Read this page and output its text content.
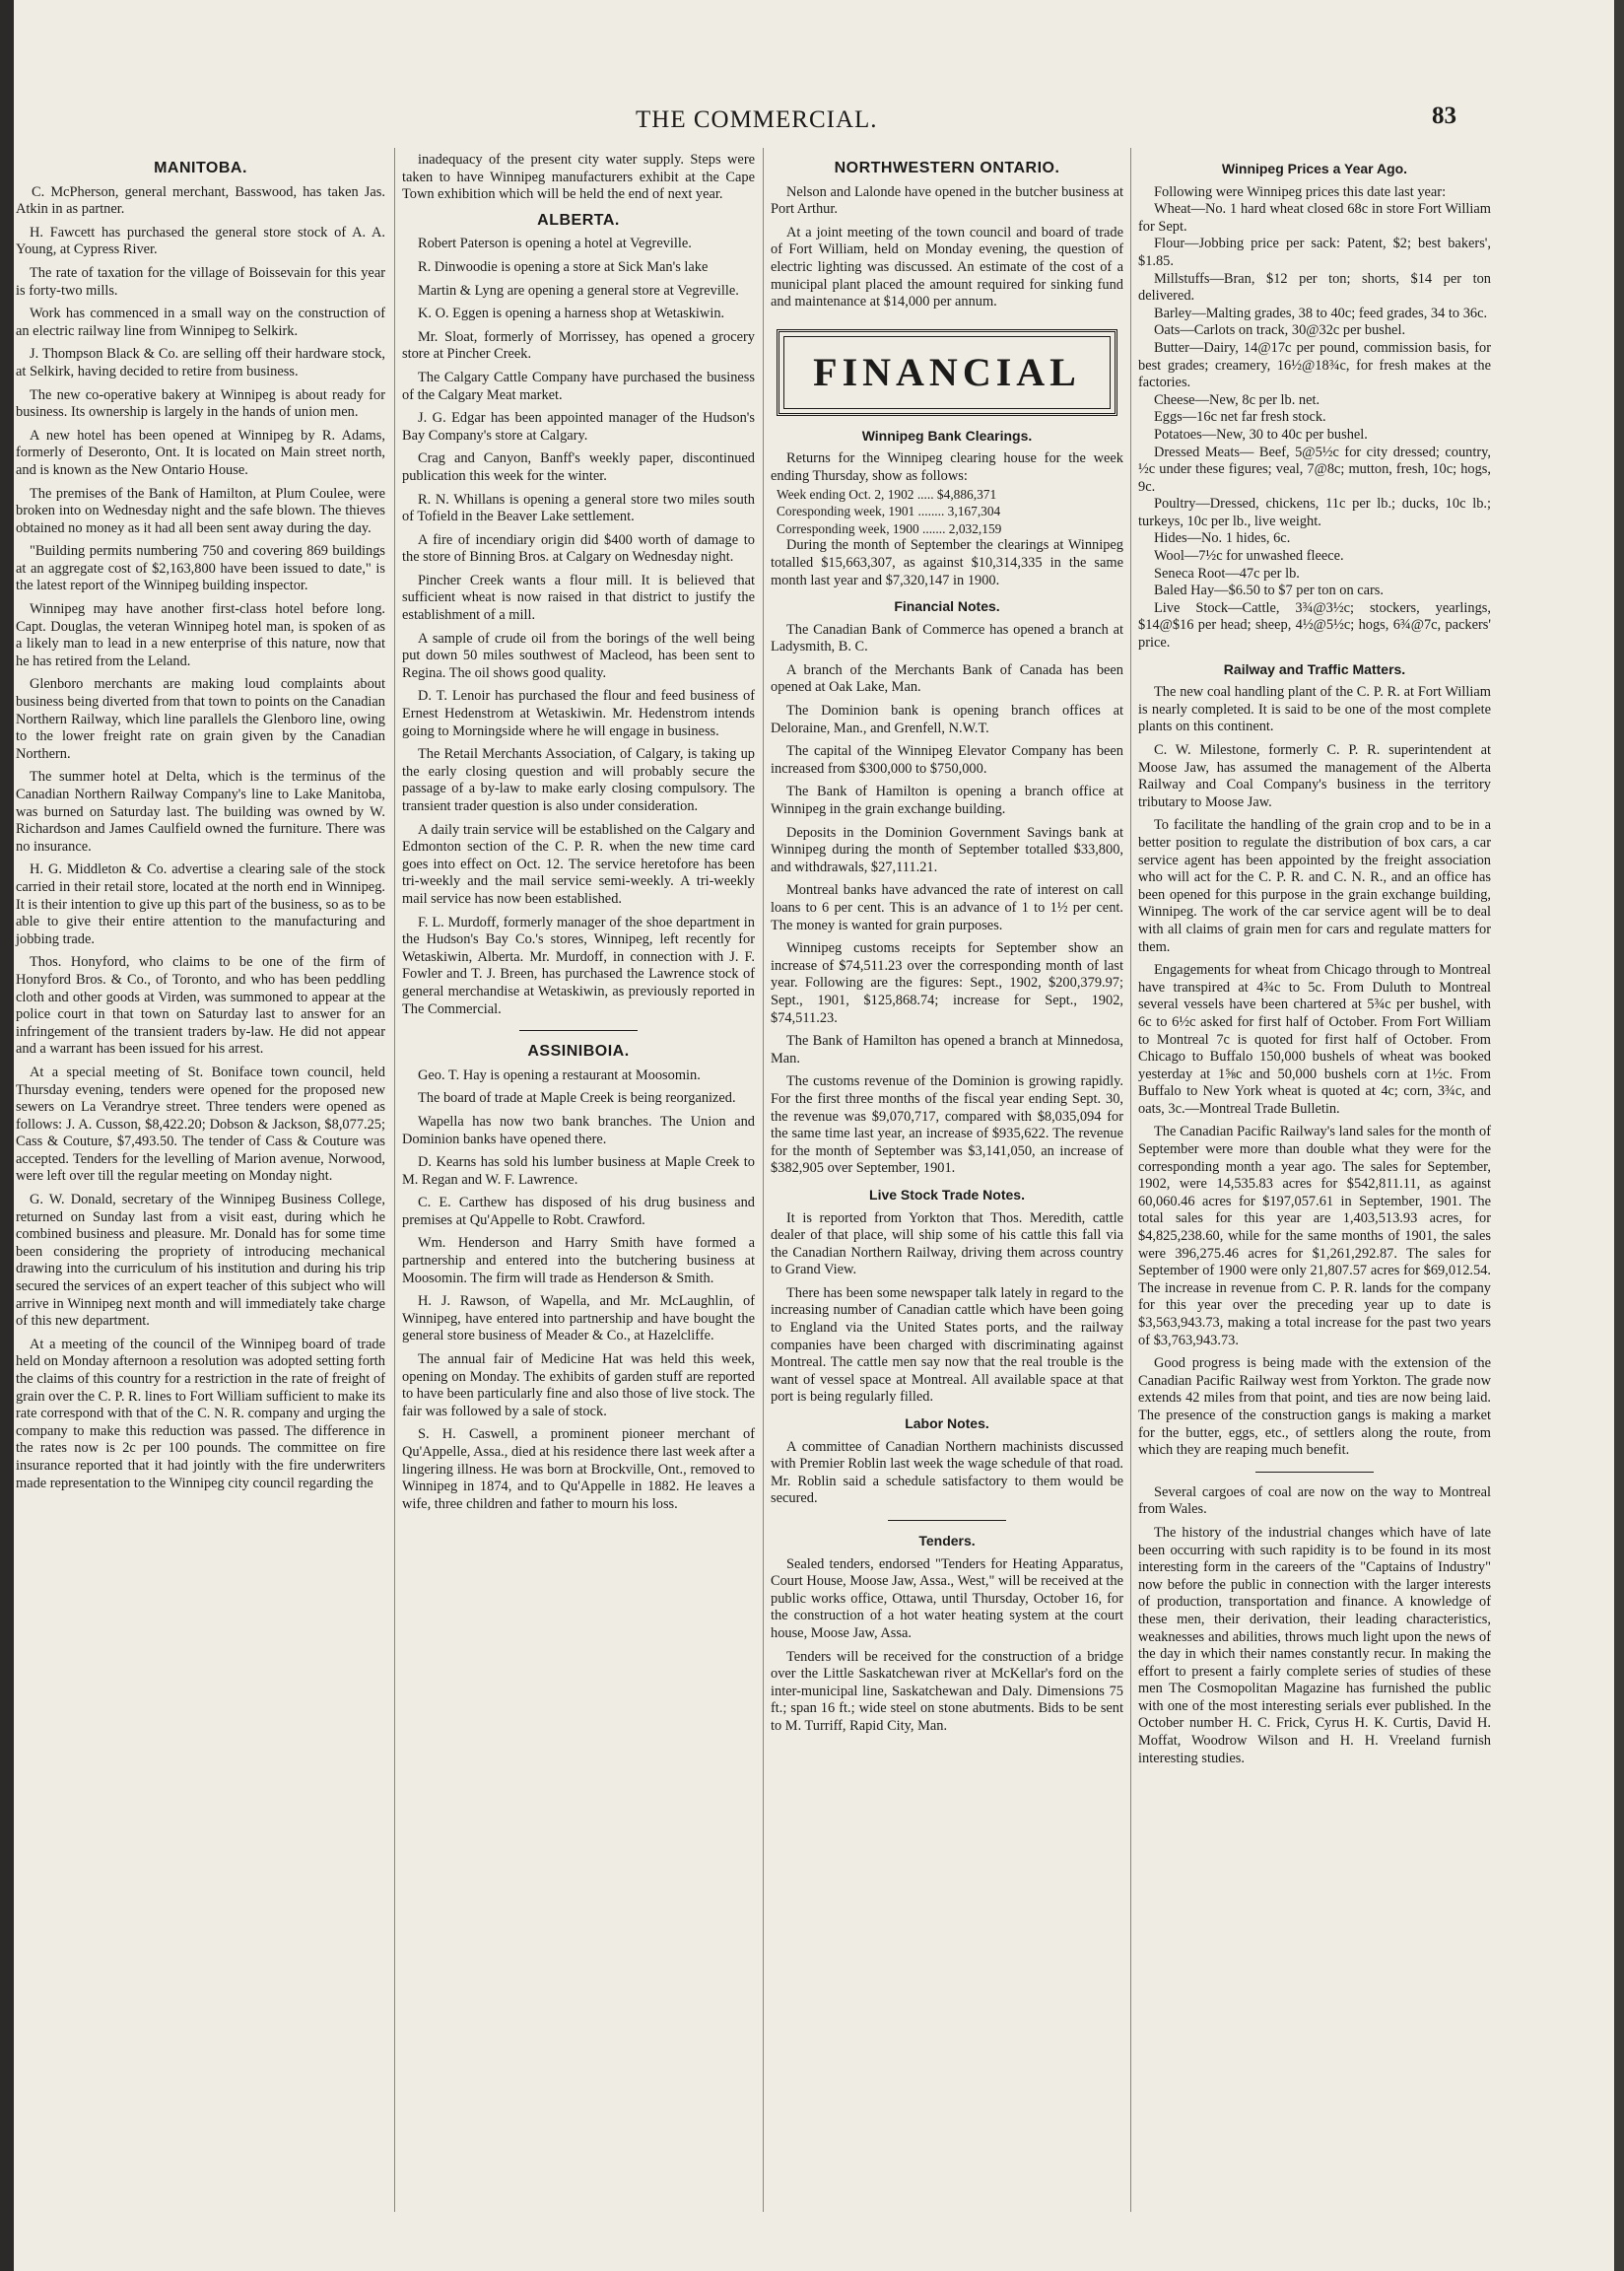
THE COMMERCIAL.	83
MANITOBA.

C. McPherson, general merchant, Basswood, has taken Jas. Atkin in as partner.

H. Fawcett has purchased the general store stock of A. A. Young, at Cypress River.

The rate of taxation for the village of Boissevain for this year is forty-two mills.

Work has commenced in a small way on the construction of an electric railway line from Winnipeg to Selkirk.

J. Thompson Black & Co. are selling off their hardware stock, at Selkirk, having decided to retire from business.

The new co-operative bakery at Winnipeg is about ready for business. Its ownership is largely in the hands of union men.

A new hotel has been opened at Winnipeg by R. Adams, formerly of Deseronto, Ont. It is located on Main street north, and is known as the New Ontario House.

The premises of the Bank of Hamilton, at Plum Coulee, were broken into on Wednesday night and the safe blown. The thieves obtained no money as it had all been sent away during the day.

"Building permits numbering 750 and covering 869 buildings at an aggregate cost of $2,163,800 have been issued to date," is the latest report of the Winnipeg building inspector.

Winnipeg may have another first-class hotel before long. Capt. Douglas, the veteran Winnipeg hotel man, is spoken of as a likely man to lead in a new enterprise of this nature, now that he has retired from the Leland.

Glenboro merchants are making loud complaints about business being diverted from that town to points on the Canadian Northern Railway, which line parallels the Glenboro line, owing to the lower freight rate on grain given by the Canadian Northern.

The summer hotel at Delta, which is the terminus of the Canadian Northern Railway Company's line to Lake Manitoba, was burned on Saturday last. The building was owned by W. Richardson and James Caulfield owned the furniture. There was no insurance.

H. G. Middleton & Co. advertise a clearing sale of the stock carried in their retail store, located at the north end in Winnipeg. It is their intention to give up this part of the business, so as to be able to give their entire attention to the manufacturing and jobbing trade.

Thos. Honyford, who claims to be one of the firm of Honyford Bros. & Co., of Toronto, and who has been peddling cloth and other goods at Virden, was summoned to appear at the police court in that town on Saturday last to answer for an infringement of the transient traders by-law. He did not appear and a warrant has been issued for his arrest.

At a special meeting of St. Boniface town council, held Thursday evening, tenders were opened for the proposed new sewers on La Verandrye street. Three tenders were opened as follows: J. A. Cusson, $8,422.20; Dobson & Jackson, $8,077.25; Cass & Couture, $7,493.50. The tender of Cass & Couture was accepted. Tenders for the levelling of Marion avenue, Norwood, were left over till the regular meeting on Monday night.

G. W. Donald, secretary of the Winnipeg Business College, returned on Sunday last from a visit east, during which he combined business and pleasure. Mr. Donald has for some time been considering the propriety of introducing mechanical drawing into the curriculum of his institution and during his trip secured the services of an expert teacher of this subject who will arrive in Winnipeg next month and will immediately take charge of this new department.

At a meeting of the council of the Winnipeg board of trade held on Monday afternoon a resolution was adopted setting forth the claims of this country for a restriction in the rate of freight of grain over the C. P. R. lines to Fort William sufficient to make its rate correspond with that of the C. N. R. company and urging the company to make this reduction was passed. The difference in the rates now is 2c per 100 pounds. The committee on fire insurance reported that it had jointly with the fire underwriters made representation to the Winnipeg city council regarding the

inadequacy of the present city water supply. Steps were taken to have Winnipeg manufacturers exhibit at the Cape Town exhibition which will be held the end of next year.

ALBERTA.

Robert Paterson is opening a hotel at Vegreville.

R. Dinwoodie is opening a store at Sick Man's lake

Martin & Lyng are opening a general store at Vegreville.

K. O. Eggen is opening a harness shop at Wetaskiwin.

Mr. Sloat, formerly of Morrissey, has opened a grocery store at Pincher Creek.

The Calgary Cattle Company have purchased the business of the Calgary Meat market.

J. G. Edgar has been appointed manager of the Hudson's Bay Company's store at Calgary.

Crag and Canyon, Banff's weekly paper, discontinued publication this week for the winter.

R. N. Whillans is opening a general store two miles south of Tofield in the Beaver Lake settlement.

A fire of incendiary origin did $400 worth of damage to the store of Binning Bros. at Calgary on Wednesday night.

Pincher Creek wants a flour mill. It is believed that sufficient wheat is now raised in that district to justify the establishment of a mill.

A sample of crude oil from the borings of the well being put down 50 miles southwest of Macleod, has been sent to Regina. The oil shows good quality.

D. T. Lenoir has purchased the flour and feed business of Ernest Hedenstrom at Wetaskiwin. Mr. Hedenstrom intends going to Morningside where he will engage in business.

The Retail Merchants Association, of Calgary, is taking up the early closing question and will probably secure the passage of a by-law to make early closing compulsory. The transient trader question is also under consideration.

A daily train service will be established on the Calgary and Edmonton section of the C. P. R. when the new time card goes into effect on Oct. 12. The service heretofore has been tri-weekly and the mail service semi-weekly. A tri-weekly mail service has now been established.

F. L. Murdoff, formerly manager of the shoe department in the Hudson's Bay Co.'s stores, Winnipeg, left recently for Wetaskiwin, Alberta. Mr. Murdoff, in connection with J. F. Fowler and T. J. Breen, has purchased the Lawrence stock of general merchandise at Wetaskiwin, as previously reported in The Commercial.

ASSINIBOIA.

Geo. T. Hay is opening a restaurant at Moosomin.

The board of trade at Maple Creek is being reorganized.

Wapella has now two bank branches. The Union and Dominion banks have opened there.

D. Kearns has sold his lumber business at Maple Creek to M. Regan and W. F. Lawrence.

C. E. Carthew has disposed of his drug business and premises at Qu'Appelle to Robt. Crawford.

Wm. Henderson and Harry Smith have formed a partnership and entered into the butchering business at Moosomin. The firm will trade as Henderson & Smith.

H. J. Rawson, of Wapella, and Mr. McLaughlin, of Winnipeg, have entered into partnership and have bought the general store business of Meader & Co., at Hazelcliffe.

The annual fair of Medicine Hat was held this week, opening on Monday. The exhibits of garden stuff are reported to have been particularly fine and also those of live stock. The fair was followed by a sale of stock.

S. H. Caswell, a prominent pioneer merchant of Qu'Appelle, Assa., died at his residence there last week after a lingering illness. He was born at Brockville, Ont., removed to Winnipeg in 1874, and to Qu'Appelle in 1882. He leaves a wife, three children and father to mourn his loss.

NORTHWESTERN ONTARIO.

Nelson and Lalonde have opened in the butcher business at Port Arthur.

At a joint meeting of the town council and board of trade of Fort William, held on Monday evening, the question of electric lighting was discussed. An estimate of the cost of a municipal plant placed the amount required for sinking fund and maintenance at $14,000 per annum.

FINANCIAL
Winnipeg Bank Clearings.

Returns for the Winnipeg clearing house for the week ending Thursday, show as follows:

Week ending Oct. 2, 1902 ..... $4,886,371

Coresponding week, 1901 ........ 3,167,304

Corresponding week, 1900 ....... 2,032,159

During the month of September the clearings at Winnipeg totalled $15,663,307, as against $10,314,335 in the same month last year and $7,320,147 in 1900.

Financial Notes.

The Canadian Bank of Commerce has opened a branch at Ladysmith, B. C.

A branch of the Merchants Bank of Canada has been opened at Oak Lake, Man.

The Dominion bank is opening branch offices at Deloraine, Man., and Grenfell, N.W.T.

The capital of the Winnipeg Elevator Company has been increased from $300,000 to $750,000.

The Bank of Hamilton is opening a branch office at Winnipeg in the grain exchange building.

Deposits in the Dominion Government Savings bank at Winnipeg during the month of September totalled $33,800, and withdrawals, $27,111.21.

Montreal banks have advanced the rate of interest on call loans to 6 per cent. This is an advance of 1 to 1½ per cent. The money is wanted for grain purposes.

Winnipeg customs receipts for September show an increase of $74,511.23 over the corresponding month of last year. Following are the figures: Sept., 1902, $200,379.97; Sept., 1901, $125,868.74; increase for Sept., 1902, $74,511.23.

The Bank of Hamilton has opened a branch at Minnedosa, Man.

The customs revenue of the Dominion is growing rapidly. For the first three months of the fiscal year ending Sept. 30, the revenue was $9,070,717, compared with $8,035,094 for the same time last year, an increase of $935,622. The revenue for the month of September was $3,141,050, an increase of $382,905 over September, 1901.

Live Stock Trade Notes.

It is reported from Yorkton that Thos. Meredith, cattle dealer of that place, will ship some of his cattle this fall via the Canadian Northern Railway, driving them across country to Grand View.

There has been some newspaper talk lately in regard to the increasing number of Canadian cattle which have been going to England via the United States ports, and the railway companies have been charged with discriminating against Montreal. The cattle men say now that the real trouble is the want of vessel space at Montreal. All available space at that port is being regularly filled.

Labor Notes.

A committee of Canadian Northern machinists discussed with Premier Roblin last week the wage schedule of that road. Mr. Roblin said a schedule satisfactory to them would be secured.

Tenders.

Sealed tenders, endorsed "Tenders for Heating Apparatus, Court House, Moose Jaw, Assa., West," will be received at the public works office, Ottawa, until Thursday, October 16, for the construction of a hot water heating system at the court house, Moose Jaw, Assa.

Tenders will be received for the construction of a bridge over the Little Saskatchewan river at McKellar's ford on the inter-municipal line, Saskatchewan and Daly. Dimensions 75 ft.; span 16 ft.; wide steel on stone abutments. Bids to be sent to M. Turriff, Rapid City, Man.

Winnipeg Prices a Year Ago.

Following were Winnipeg prices this date last year:

Wheat—No. 1 hard wheat closed 68c in store Fort William for Sept.

Flour—Jobbing price per sack: Patent, $2; best bakers', $1.85.

Millstuffs—Bran, $12 per ton; shorts, $14 per ton delivered.

Barley—Malting grades, 38 to 40c; feed grades, 34 to 36c.

Oats—Carlots on track, 30@32c per bushel.

Butter—Dairy, 14@17c per pound, commission basis, for best grades; creamery, 16½@18¾c, for fresh makes at the factories.

Cheese—New, 8c per lb. net.

Eggs—16c net far fresh stock.

Potatoes—New, 30 to 40c per bushel.

Dressed Meats— Beef, 5@5½c for city dressed; country, ½c under these figures; veal, 7@8c; mutton, fresh, 10c; hogs, 9c.

Poultry—Dressed, chickens, 11c per lb.; ducks, 10c lb.; turkeys, 10c per lb., live weight.

Hides—No. 1 hides, 6c.

Wool—7½c for unwashed fleece.

Seneca Root—47c per lb.

Baled Hay—$6.50 to $7 per ton on cars.

Live Stock—Cattle, 3¾@3½c; stockers, yearlings, $14@$16 per head; sheep, 4½@5½c; hogs, 6¾@7c, packers' price.

Railway and Traffic Matters.

The new coal handling plant of the C. P. R. at Fort William is nearly completed. It is said to be one of the most complete plants on this continent.

C. W. Milestone, formerly C. P. R. superintendent at Moose Jaw, has assumed the management of the Alberta Railway and Coal Company's business in the territory tributary to Moose Jaw.

To facilitate the handling of the grain crop and to be in a better position to regulate the distribution of box cars, a car service agent has been appointed by the freight association who will act for the C. P. R. and C. N. R., and an office has been opened for this purpose in the grain exchange building, Winnipeg. The work of the car service agent will be to deal with all claims of grain men for cars and regulate matters for them.

Engagements for wheat from Chicago through to Montreal have transpired at 4¾c to 5c. From Duluth to Montreal several vessels have been chartered at 5¾c per bushel, with 6c to 6½c asked for first half of October. From Fort William to Montreal 7c is quoted for first half of October. From Chicago to Buffalo 150,000 bushels of wheat was booked yesterday at 1⅝c and 50,000 bushels corn at 1½c. From Buffalo to New York wheat is quoted at 4c; corn, 3¾c, and oats, 3c.—Montreal Trade Bulletin.

The Canadian Pacific Railway's land sales for the month of September were more than double what they were for the corresponding month a year ago. The sales for September, 1902, were 14,535.83 acres for $542,811.11, as against 60,060.46 acres for $197,057.61 in September, 1901. The total sales for this year are 1,403,513.93 acres, for $4,825,238.60, while for the same months of 1901, the sales were 396,275.46 acres for $1,261,292.87. The sales for September of 1900 were only 21,807.57 acres for $69,012.54. The increase in revenue from C. P. R. lands for the company for this year over the preceding year up to date is $3,563,943.73, making a total increase for the past two years of $3,763,943.73.

Good progress is being made with the extension of the Canadian Pacific Railway west from Yorkton. The grade now extends 42 miles from that point, and ties are now being laid. The presence of the construction gangs is making a market for the butter, eggs, etc., of settlers along the route, from which they are reaping much benefit.

Several cargoes of coal are now on the way to Montreal from Wales.

The history of the industrial changes which have of late been occurring with such rapidity is to be found in its most interesting form in the careers of the "Captains of Industry" now before the public in connection with the larger interests of production, transportation and finance. A knowledge of these men, their derivation, their leading characteristics, weaknesses and abilities, throws much light upon the news of the day in which their names constantly recur. In making the effort to present a fairly complete series of studies of these men The Cosmopolitan Magazine has furnished the public with one of the most interesting serials ever published. In the October number H. C. Frick, Cyrus H. K. Curtis, David H. Moffat, Woodrow Wilson and H. H. Vreeland furnish interesting studies.
